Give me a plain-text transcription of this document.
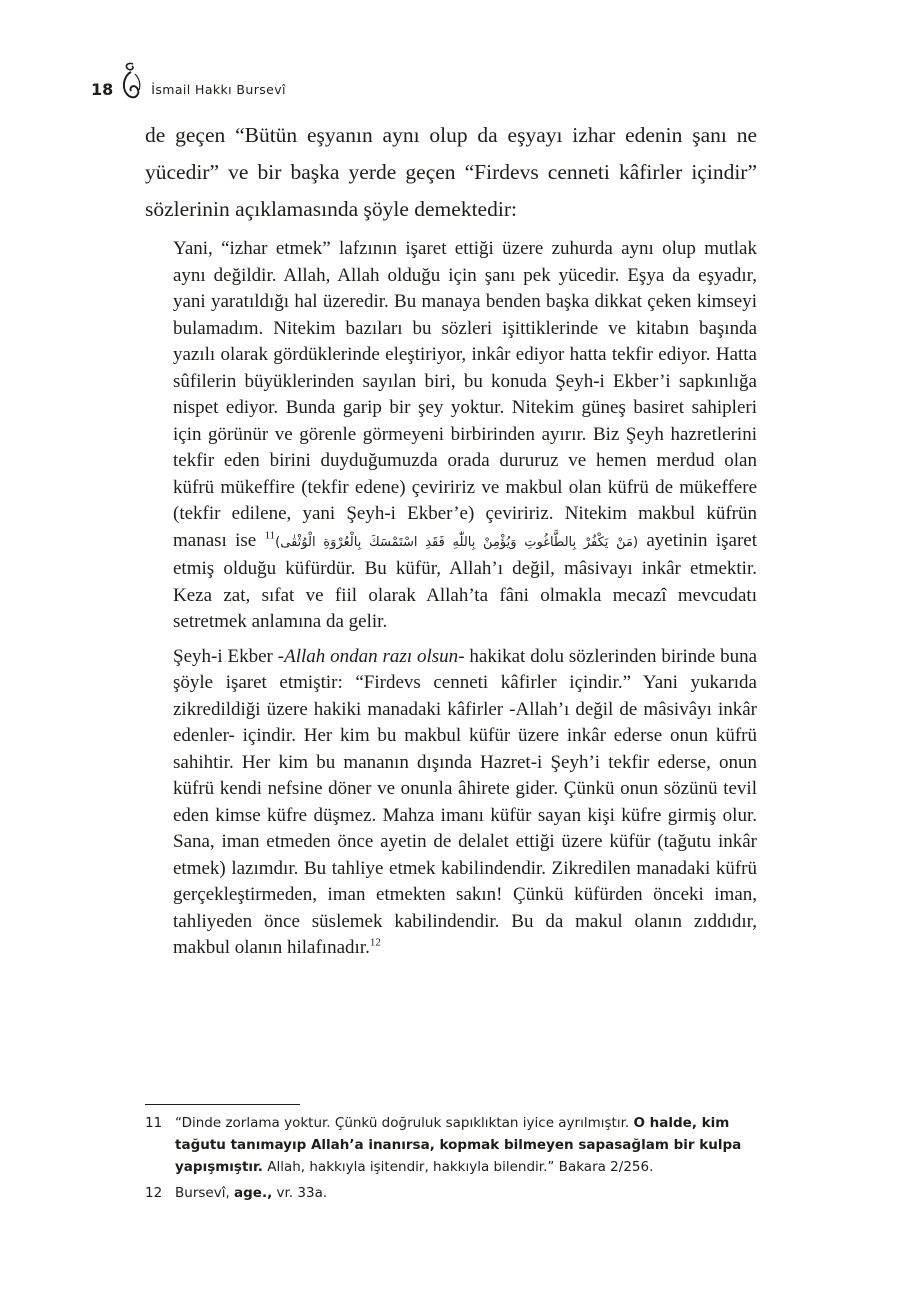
18	İsmail Hakkı Bursevî
de geçen “Bütün eşyanın aynı olup da eşyayı izhar edenin şanı ne yücedir” ve bir başka yerde geçen “Firdevs cenneti kâfirler içindir” sözlerinin açıklamasında şöyle demektedir:

Yani, “izhar etmek” lafzının işaret ettiği üzere zuhurda aynı olup mutlak aynı değildir. Allah, Allah olduğu için şanı pek yücedir. Eşya da eşyadır, yani yaratıldığı hal üzeredir. Bu manaya benden başka dikkat çeken kimseyi bulamadım. Nitekim bazıları bu sözleri işittiklerinde ve kitabın başında yazılı olarak gördüklerinde eleştiriyor, inkâr ediyor hatta tekfir ediyor. Hatta sûfilerin büyüklerinden sayılan biri, bu konuda Şeyh-i Ekber’i sapkınlığa nispet ediyor. Bunda garip bir şey yoktur. Nitekim güneş basiret sahipleri için görünür ve görenle görmeyeni birbirinden ayırır. Biz Şeyh hazretlerini tekfir eden birini duyduğumuzda orada dururuz ve hemen merdud olan küfrü mükeffire (tekfir edene) çeviririz ve makbul olan küfrü de mükeffere (tekfir edilene, yani Şeyh-i Ekber’e) çeviririz. Nitekim makbul küfrün manası ise $^{11}$(مَنْ يَكْفُرْ بِالطَّاغُوتِ وَيُؤْمِنْ بِاللّٰهِ فَقَدِ اسْتَمْسَكَ بِالْعُرْوَةِ الْوُثْقٰى) ayetinin işaret etmiş olduğu küfürdür. Bu küfür, Allah’ı değil, mâsivayı inkâr etmektir. Keza zat, sıfat ve fiil olarak Allah’ta fâni olmakla mecazî mevcudatı setretmek anlamına da gelir.

Şeyh-i Ekber -Allah ondan razı olsun- hakikat dolu sözlerinden birinde buna şöyle işaret etmiştir: “Firdevs cenneti kâfirler içindir.” Yani yukarıda zikredildiği üzere hakiki manadaki kâfirler -Allah’ı değil de mâsivâyı inkâr edenler- içindir. Her kim bu makbul küfür üzere inkâr ederse onun küfrü sahihtir. Her kim bu mananın dışında Hazret-i Şeyh’i tekfir ederse, onun küfrü kendi nefsine döner ve onunla âhirete gider. Çünkü onun sözünü tevil eden kimse küfre düşmez. Mahza imanı küfür sayan kişi küfre girmiş olur. Sana, iman etmeden önce ayetin de delalet ettiği üzere küfür (tağutu inkâr etmek) lazımdır. Bu tahliye etmek kabilindendir. Zikredilen manadaki küfrü gerçekleştirmeden, iman etmekten sakın! Çünkü küfürden önceki iman, tahliyeden önce süslemek kabilindendir. Bu da makul olanın zıddıdır, makbul olanın hilafınadır.$^{12}$

11 “Dinde zorlama yoktur. Çünkü doğruluk sapıklıktan iyice ayrılmıştır. O halde, kim tağutu tanımayıp Allah’a inanırsa, kopmak bilmeyen sapasağlam bir kulpa yapışmıştır. Allah, hakkıyla işitendir, hakkıyla bilendir.” Bakara 2/256.
12 Bursevî, age., vr. 33a.
